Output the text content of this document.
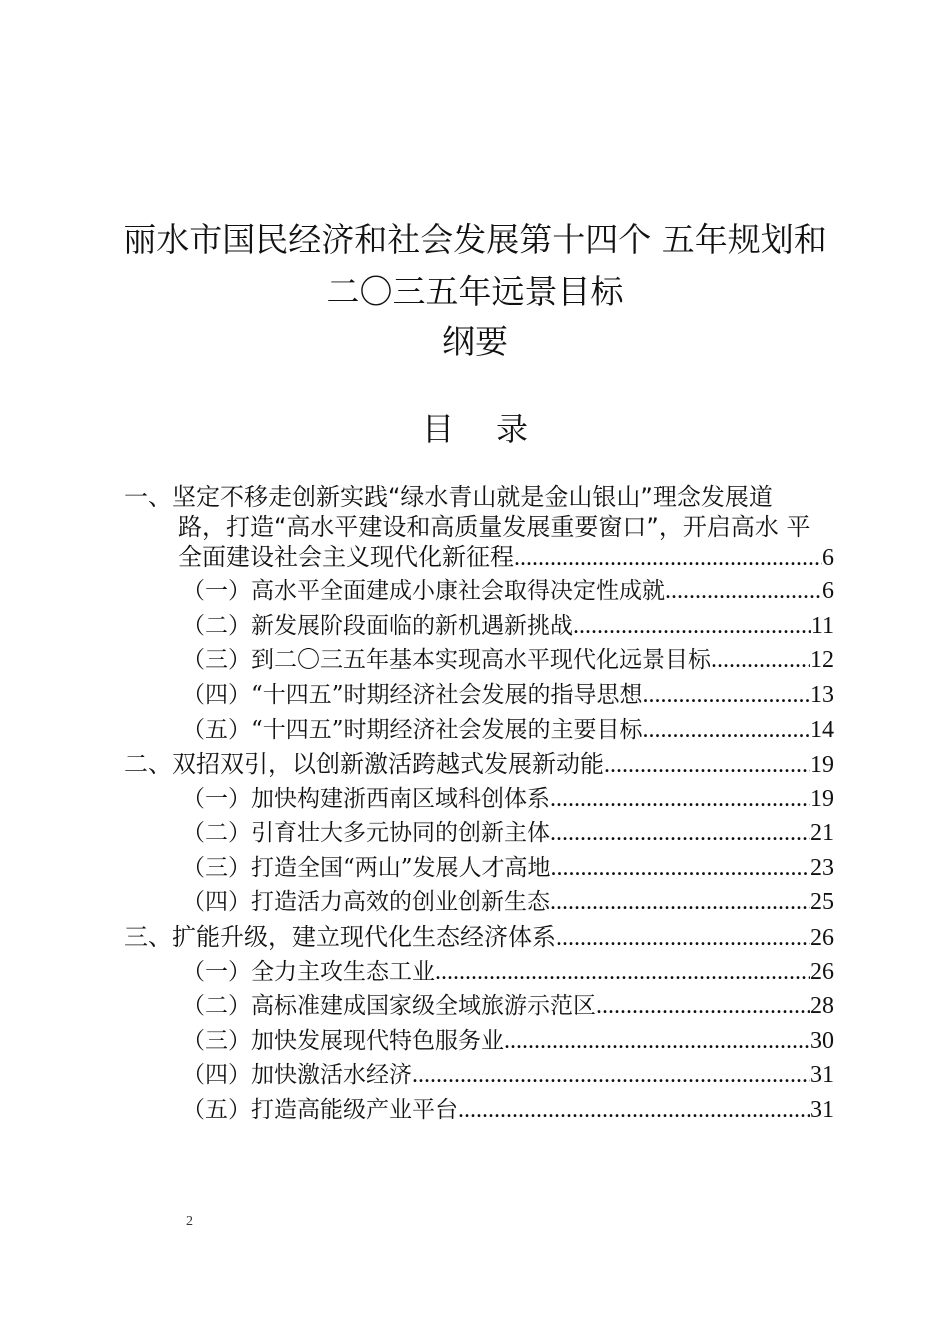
丽水市国民经济和社会发展第十四个 五年规划和
二〇三五年远景目标
纲要
目录
一、坚定不移走创新实践“绿水青山就是金山银山”理念发展道
路，打造“高水平建设和高质量发展重要窗口”，开启高水 平
全面建设社会主义现代化新征程 .....	6
（一）高水平全面建成小康社会取得决定性成就 .....	6
（二）新发展阶段面临的新机遇新挑战 .....	11
（三）到二〇三五年基本实现高水平现代化远景目标 .....	12
（四）“十四五”时期经济社会发展的指导思想 .....	13
（五）“十四五”时期经济社会发展的主要目标 .....	14
二、双招双引，以创新激活跨越式发展新动能 .....	19
（一）加快构建浙西南区域科创体系 .....	19
（二）引育壮大多元协同的创新主体 .....	21
（三）打造全国“两山”发展人才高地 .....	23
（四）打造活力高效的创业创新生态 .....	25
三、扩能升级，建立现代化生态经济体系 .....	26
（一）全力主攻生态工业 .....	26
（二）高标准建成国家级全域旅游示范区 .....	28
（三）加快发展现代特色服务业 .....	30
（四）加快激活水经济 .....	31
（五）打造高能级产业平台 .....	31
2
